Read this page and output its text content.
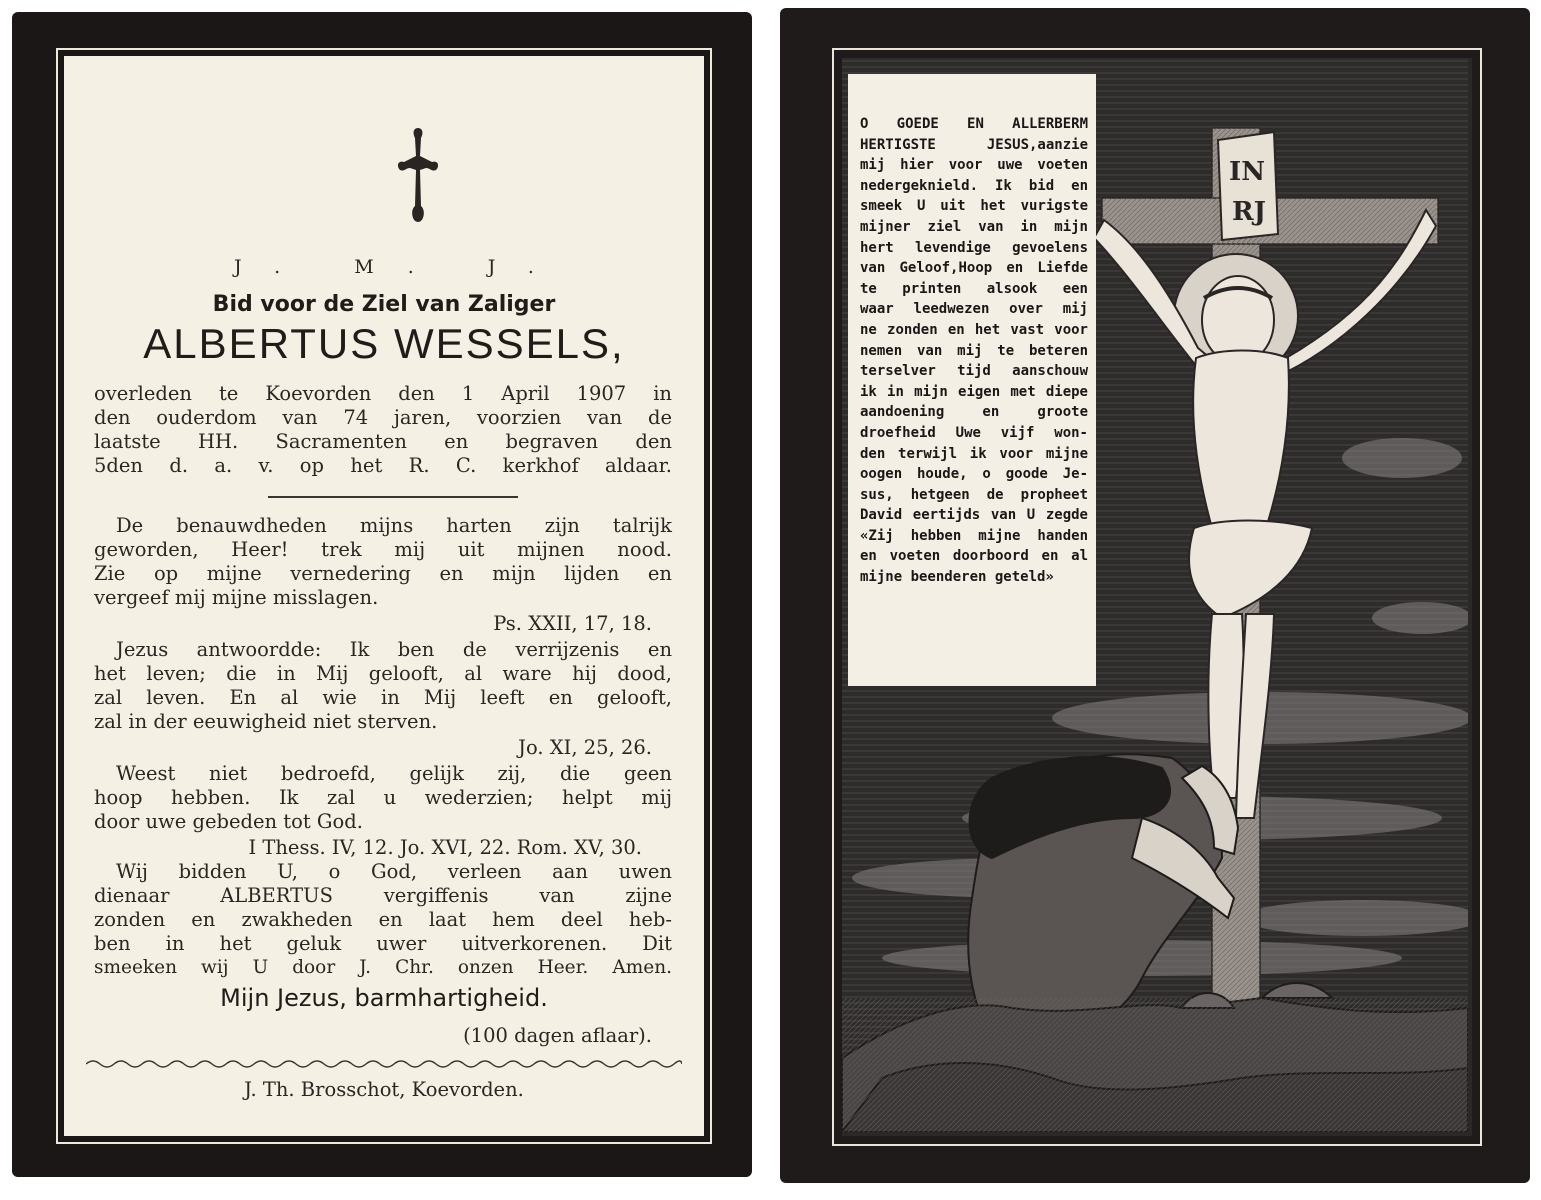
J. M. J.
Bid voor de Ziel van Zaliger
ALBERTUS WESSELS,
overleden te Koevorden den 1 April 1907 in
den ouderdom van 74 jaren, voorzien van de
laatste HH. Sacramenten en begraven den
5den d. a. v. op het R. C. kerkhof aldaar.
De benauwdheden mijns harten zijn talrijk
geworden, Heer! trek mij uit mijnen nood.
Zie op mijne vernedering en mijn lijden en
vergeef mij mijne misslagen.
Ps. XXII, 17, 18.
Jezus antwoordde: Ik ben de verrijzenis en
het leven; die in Mij gelooft, al ware hij dood,
zal leven. En al wie in Mij leeft en gelooft,
zal in der eeuwigheid niet sterven.
Jo. XI, 25, 26.
Weest niet bedroefd, gelijk zij, die geen
hoop hebben. Ik zal u wederzien; helpt mij
door uwe gebeden tot God.
I Thess. IV, 12. Jo. XVI, 22. Rom. XV, 30.
Wij bidden U, o God, verleen aan uwen
dienaar ALBERTUS vergiffenis van zijne
zonden en zwakheden en laat hem deel heb-
ben in het geluk uwer uitverkorenen. Dit
smeeken wij U door J. Chr. onzen Heer. Amen.
Mijn Jezus, barmhartigheid.
(100 dagen aflaar).
J. Th. Brosschot, Koevorden.
IN
RJ
O GOEDE EN ALLERBERM
HERTIGSTE JESUS,aanzie
mij hier voor uwe voeten
nedergeknield. Ik bid en
smeek U uit het vurigste
mijner ziel van in mijn
hert levendige gevoelens
van Geloof,Hoop en Liefde
te printen alsook een
waar leedwezen over mij
ne zonden en het vast voor
nemen van mij te beteren
terselver tijd aanschouw
ik in mijn eigen met diepe
aandoening en groote
droefheid Uwe vijf won-
den terwijl ik voor mijne
oogen houde, o goode Je-
sus, hetgeen de propheet
David eertijds van U zegde
«Zij hebben mijne handen
en voeten doorboord en al
mijne beenderen geteld»
